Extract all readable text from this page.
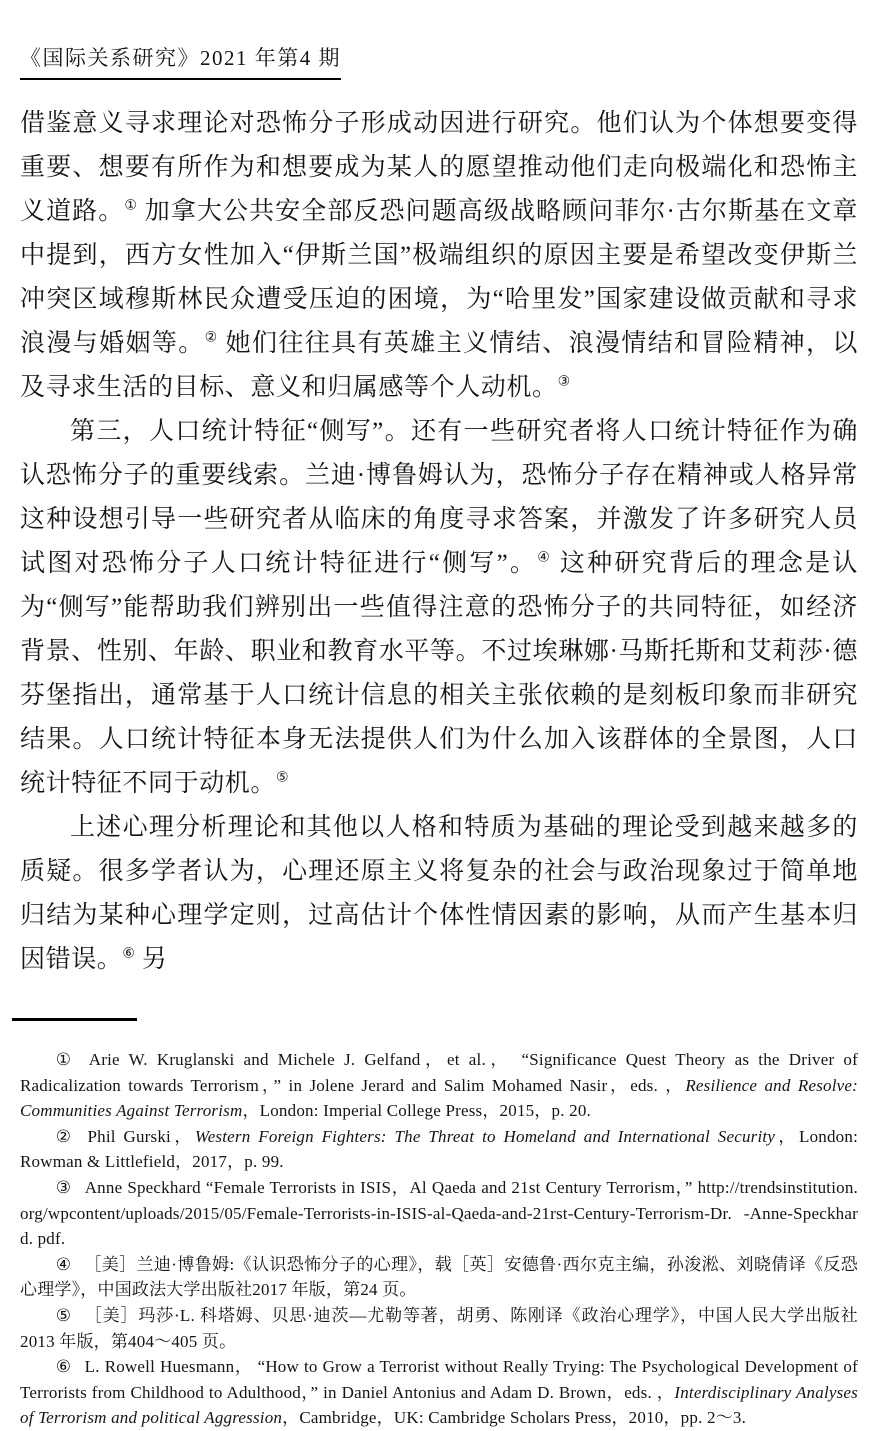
《国际关系研究》2021 年第4 期

借鉴意义寻求理论对恐怖分子形成动因进行研究。他们认为个体想要变得重要、想要有所作为和想要成为某人的愿望推动他们走向极端化和恐怖主义道路。① 加拿大公共安全部反恐问题高级战略顾问菲尔·古尔斯基在文章中提到，西方女性加入“伊斯兰国”极端组织的原因主要是希望改变伊斯兰冲突区域穆斯林民众遭受压迫的困境，为“哈里发”国家建设做贡献和寻求浪漫与婚姻等。② 她们往往具有英雄主义情结、浪漫情结和冒险精神，以及寻求生活的目标、意义和归属感等个人动机。③

第三，人口统计特征“侧写”。还有一些研究者将人口统计特征作为确认恐怖分子的重要线索。兰迪·博鲁姆认为，恐怖分子存在精神或人格异常这种设想引导一些研究者从临床的角度寻求答案，并激发了许多研究人员试图对恐怖分子人口统计特征进行“侧写”。④ 这种研究背后的理念是认为“侧写”能帮助我们辨别出一些值得注意的恐怖分子的共同特征，如经济背景、性别、年龄、职业和教育水平等。不过埃琳娜·马斯托斯和艾莉莎·德芬堡指出，通常基于人口统计信息的相关主张依赖的是刻板印象而非研究结果。人口统计特征本身无法提供人们为什么加入该群体的全景图，人口统计特征不同于动机。⑤

上述心理分析理论和其他以人格和特质为基础的理论受到越来越多的质疑。很多学者认为，心理还原主义将复杂的社会与政治现象过于简单地归结为某种心理学定则，过高估计个体性情因素的影响，从而产生基本归因错误。⑥ 另

① Arie W. Kruglanski and Michele J. Gelfand，et al.， “Significance Quest Theory as the Driver of Radicalization towards Terrorism，” in Jolene Jerard and Salim Mohamed Nasir，eds. ，Resilience and Resolve: Communities Against Terrorism，London: Imperial College Press，2015，p. 20.

② Phil Gurski，Western Foreign Fighters: The Threat to Homeland and International Security，London: Rowman & Littlefield，2017，p. 99.

③ Anne Speckhard “Female Terrorists in ISIS，Al Qaeda and 21st Century Terrorism，” http://trendsinstitution. org/wpcontent/uploads/2015/05/Female-Terrorists-in-ISIS-al-Qaeda-and-21rst-Century-Terrorism-Dr. -Anne-Speckhard. pdf.

④ ［美］兰迪·博鲁姆:《认识恐怖分子的心理》，载［英］安德鲁·西尔克主编，孙浚淞、刘晓倩译《反恐心理学》，中国政法大学出版社2017 年版，第24 页。

⑤ ［美］玛莎·L. 科塔姆、贝思·迪茨—尤勒等著，胡勇、陈刚译《政治心理学》，中国人民大学出版社2013 年版，第404～405 页。

⑥ L. Rowell Huesmann， “How to Grow a Terrorist without Really Trying: The Psychological Development of Terrorists from Childhood to Adulthood，” in Daniel Antonius and Adam D. Brown，eds. ，Interdisciplinary Analyses of Terrorism and political Aggression，Cambridge，UK: Cambridge Scholars Press，2010，pp. 2～3.
